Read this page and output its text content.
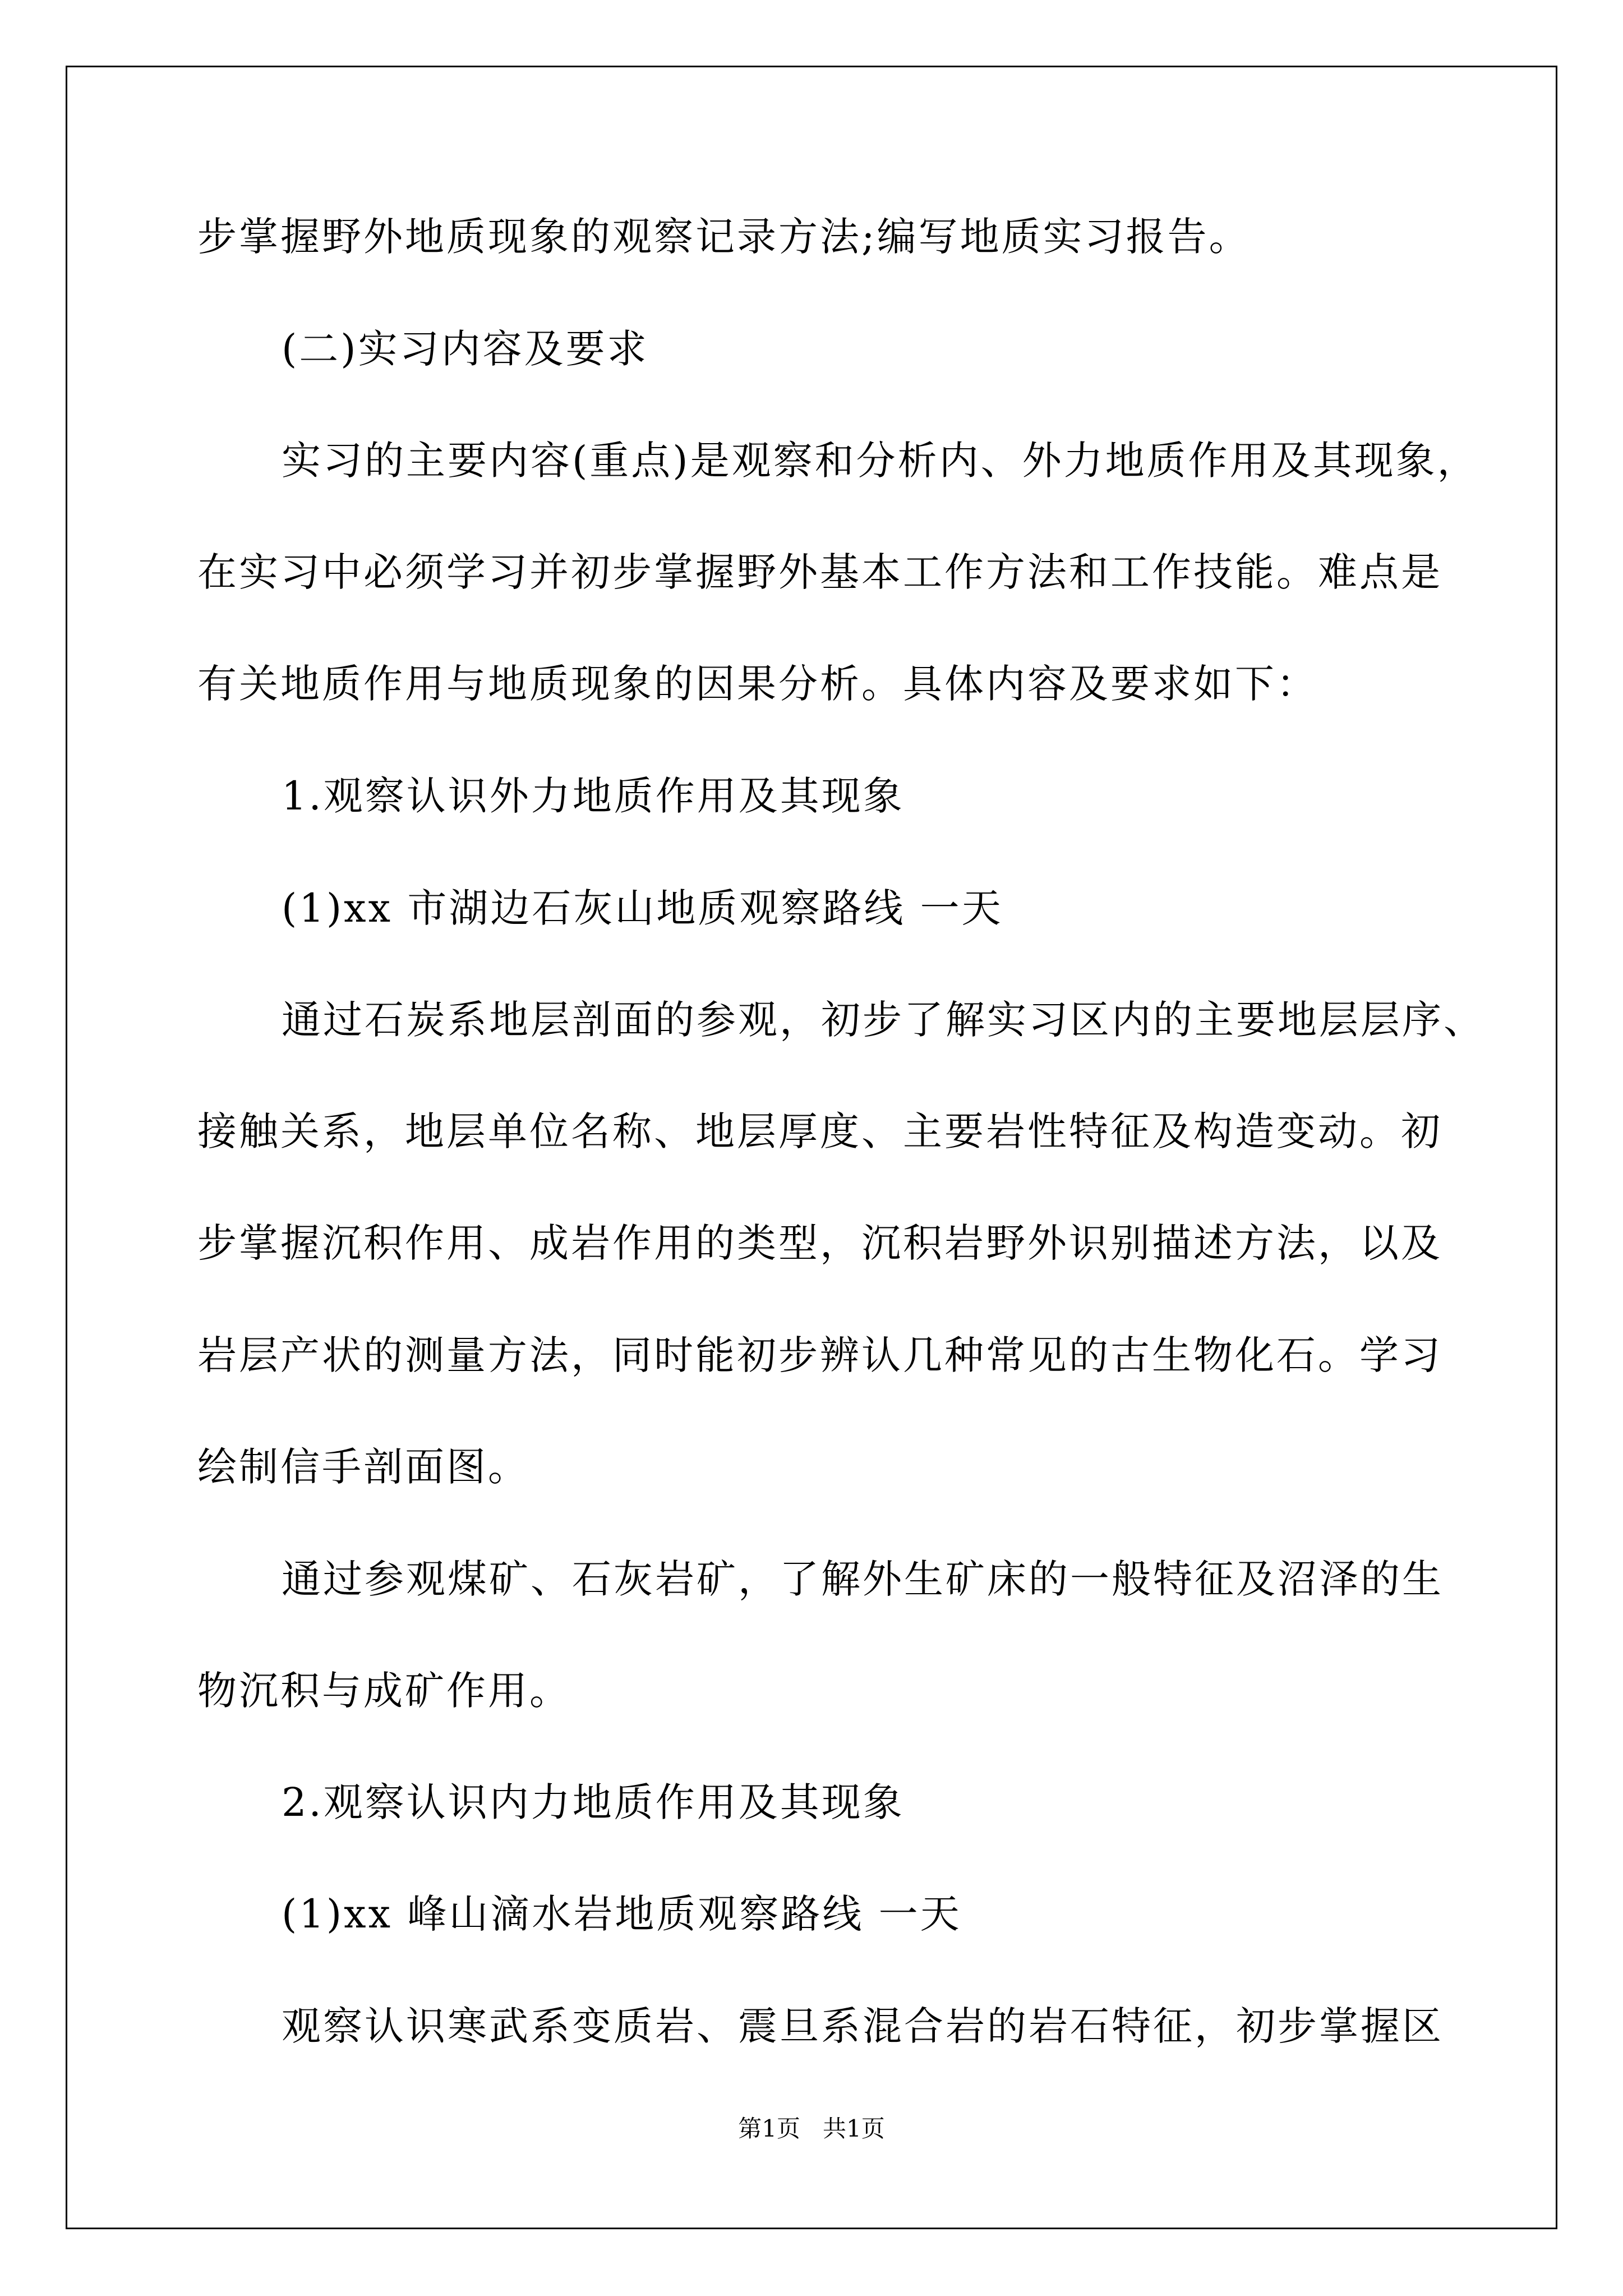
步掌握野外地质现象的观察记录方法;编写地质实习报告。
(二)实习内容及要求
实习的主要内容(重点)是观察和分析内、外力地质作用及其现象，
在实习中必须学习并初步掌握野外基本工作方法和工作技能。难点是
有关地质作用与地质现象的因果分析。具体内容及要求如下：
1.观察认识外力地质作用及其现象
(1)xx 市湖边石灰山地质观察路线 一天
通过石炭系地层剖面的参观，初步了解实习区内的主要地层层序、
接触关系，地层单位名称、地层厚度、主要岩性特征及构造变动。初
步掌握沉积作用、成岩作用的类型，沉积岩野外识别描述方法，以及
岩层产状的测量方法，同时能初步辨认几种常见的古生物化石。学习
绘制信手剖面图。
通过参观煤矿、石灰岩矿，了解外生矿床的一般特征及沼泽的生
物沉积与成矿作用。
2.观察认识内力地质作用及其现象
(1)xx 峰山滴水岩地质观察路线 一天
观察认识寒武系变质岩、震旦系混合岩的岩石特征，初步掌握区
第1页   共1页
